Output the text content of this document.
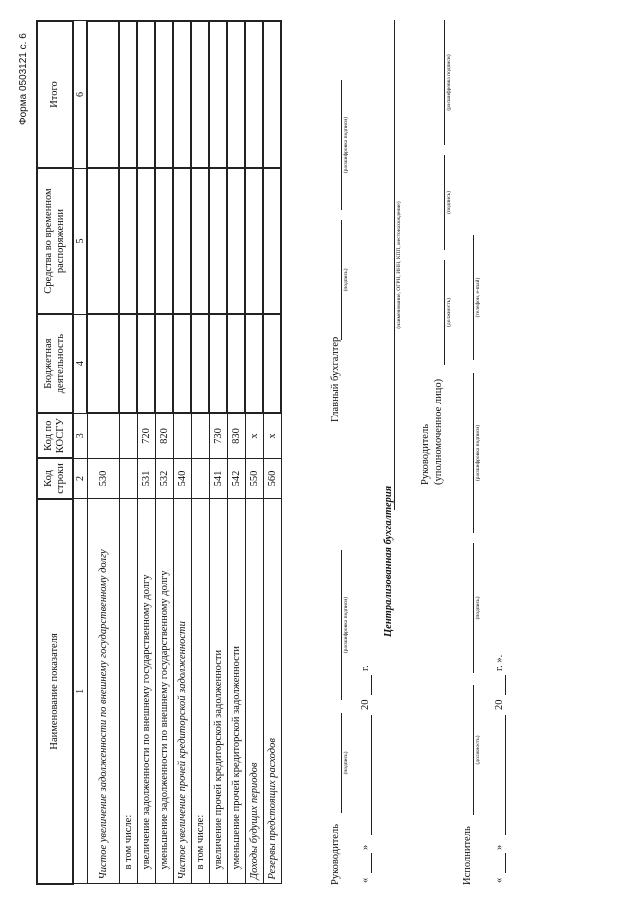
Форма 0503121 с. 6
Наименование показателя	Код строки	Код по КОСГУ	Бюджетная деятельность	Средства во временном распоряжении	Итого
1	2	3	4	5	6
Чистое увеличение задолженности по внешнему государственному долгу	530				
в том числе:					
увеличение задолженности по внешнему государственному долгу	531	720			
уменьшение задолженности по внешнему государственному долгу	532	820			
Чистое увеличение прочей кредиторской задолженности	540				
в том числе:					
увеличение прочей кредиторской задолженности	541	730			
уменьшение прочей кредиторской задолженности	542	830			
Доходы будущих периодов	550	x			
Резервы предстоящих расходов	560	x			
Руководитель
(подпись)
(расшифровка подписи)
«
»
20
г.
Главный бухгалтер
(подпись)
(расшифровка подписи)
Централизованная бухгалтерия
(наименование, ОГРН, ИНН, КПП, местонахождение)
Руководитель (уполномоченное лицо)
(должность)
(подпись)
(расшифровка подписи)
Исполнитель
(должность)
(подпись)
(расшифровка подписи)
(телефон, e-mail)
«
»
20
г. ».
